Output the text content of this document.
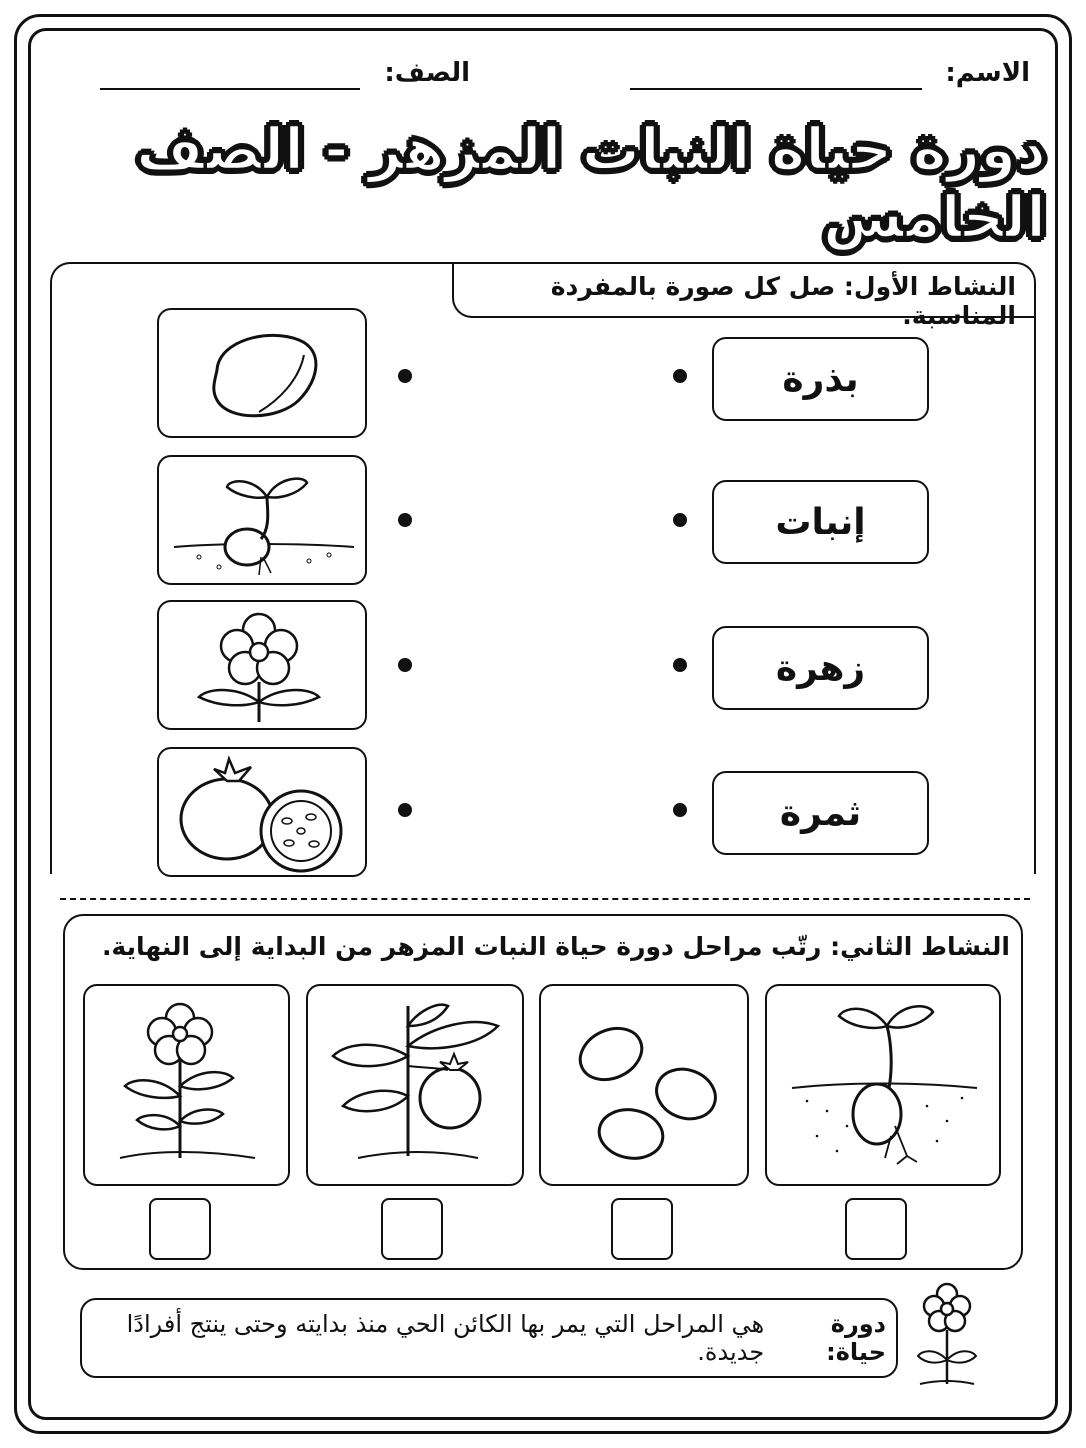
الاسم:
الصف:
دورة حياة النبات المزهر - الصف الخامس
النشاط الأول: صل كل صورة بالمفردة المناسبة.
بذرة
إنبات
زهرة
ثمرة
النشاط الثاني: رتّب مراحل دورة حياة النبات المزهر من البداية إلى النهاية.
دورة حياة:
هي المراحل التي يمر بها الكائن الحي منذ بدايته وحتى ينتج أفرادًا جديدة.
